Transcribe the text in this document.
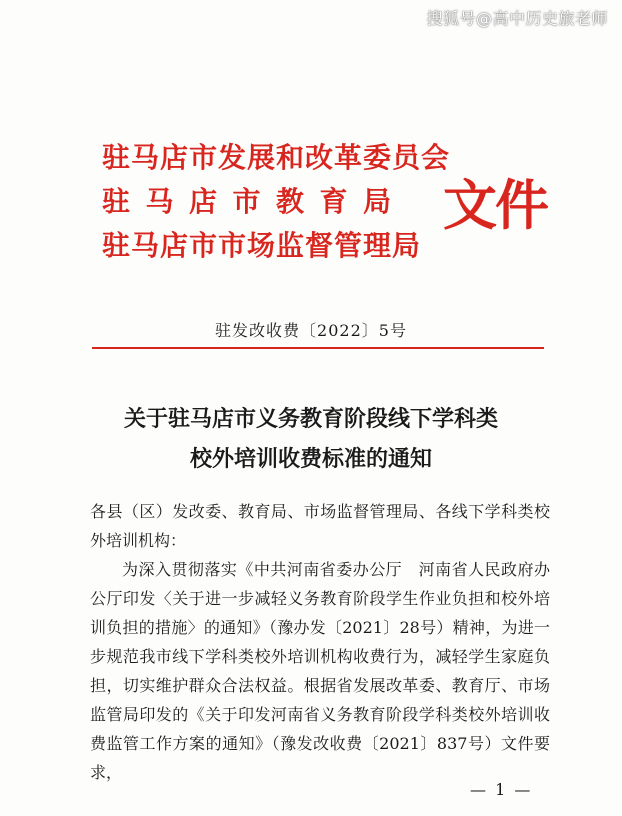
搜狐号@高中历史旅老师
驻马店市发展和改革委员会
驻马店市教育局
驻马店市市场监督管理局
文件
驻发改收费〔2022〕5号
关于驻马店市义务教育阶段线下学科类
校外培训收费标准的通知

各县（区）发改委、教育局、市场监督管理局、各线下学科类校外培训机构：

为深入贯彻落实《中共河南省委办公厅　河南省人民政府办公厅印发〈关于进一步减轻义务教育阶段学生作业负担和校外培训负担的措施〉的通知》（豫办发〔2021〕28号）精神，为进一步规范我市线下学科类校外培训机构收费行为，减轻学生家庭负担，切实维护群众合法权益。根据省发展改革委、教育厅、市场监管局印发的《关于印发河南省义务教育阶段学科类校外培训收费监管工作方案的通知》（豫发改收费〔2021〕837号）文件要求，

— 1 —
